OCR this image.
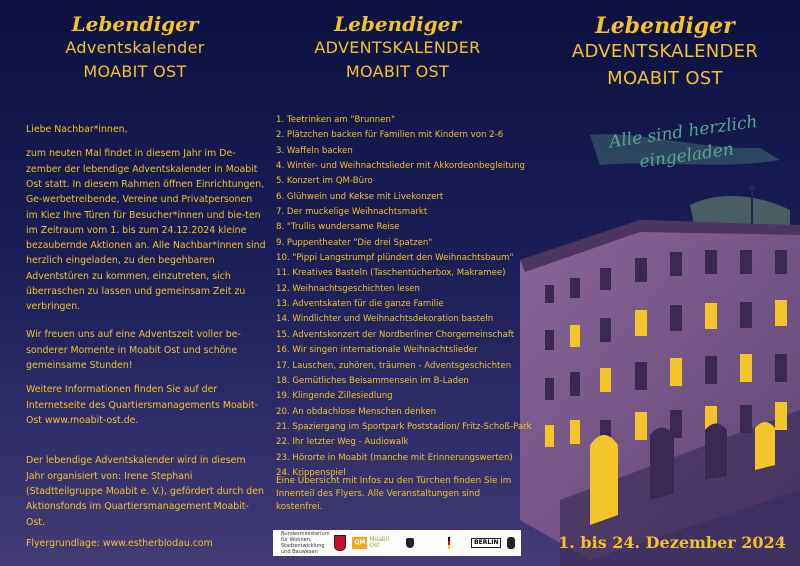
Lebendiger
Adventskalender
MOABIT OST
Lebendiger
ADVENTSKALENDER
MOABIT OST
Lebendiger
ADVENTSKALENDER
MOABIT OST

Liebe Nachbar*innen,

zum neuten Mal findet in diesem Jahr im De-zember der lebendige Adventskalender in Moabit Ost statt. In diesem Rahmen öffnen Einrichtungen, Ge-werbetreibende, Vereine und Privatpersonen im Kiez Ihre Türen für Besucher*innen und bie-ten im Zeitraum vom 1. bis zum 24.12.2024 kleine bezaubernde Aktionen an. Alle Nachbar*innen sind herzlich eingeladen, zu den begehbaren Adventstüren zu kommen, einzutreten, sich überraschen zu lassen und gemeinsam Zeit zu verbringen.

Wir freuen uns auf eine Adventszeit voller be-sonderer Momente in Moabit Ost und schöne gemeinsame Stunden!

Weitere Informationen finden Sie auf der Internetseite des Quartiersmanagements Moabit-Ost www.moabit-ost.de.

Der lebendige Adventskalender wird in diesem Jahr organisiert von: Irene Stephani (Stadtteilgruppe Moabit e. V.), gefördert durch den Aktionsfonds im Quartiersmanagement Moabit-Ost.

Flyergrundlage: www.estherblodau.com

1. Teetrinken am "Brunnen"
2. Plätzchen backen für Familien mit Kindern von 2-6
3. Waffeln backen
4. Winter- und Weihnachtslieder mit Akkordeonbegleitung
5. Konzert im QM-Büro
6. Glühwein und Kekse mit Livekonzert
7. Der muckelige Weihnachtsmarkt
8. "Trullis wundersame Reise
9. Puppentheater "Die drei Spatzen"
10. "Pippi Langstrumpf plündert den Weihnachtsbaum"
11. Kreatives Basteln (Taschentücherbox, Makramee)
12. Weihnachtsgeschichten lesen
13. Adventskaten für die ganze Familie
14. Windlichter und Weihnachtsdekoration basteln
15. Adventskonzert der Nordberliner Chorgemeinschaft
16. Wir singen internationale Weihnachtslieder
17. Lauschen, zuhören, träumen - Adventsgeschichten
18. Gemütliches Beisammensein im B-Laden
19. Klingende Zillesiedlung
20. An obdachlose Menschen denken
21. Spaziergang im Sportpark Poststadion/ Fritz-Schoß-Park
22. Ihr letzter Weg - Audiowalk
23. Hörorte in Moabit (manche mit Erinnerungswerten)
24. Krippenspiel

Eine Übersicht mit Infos zu den Türchen finden Sie im Innenteil des Flyers. Alle Veranstaltungen sind kostenfrei.

Bundesministerium für Wohnen, Stadtentwicklung und Bauwesen
QM Moabit Ost	BERLIN
Alle sind herzlich eingeladen
1. bis 24. Dezember 2024
